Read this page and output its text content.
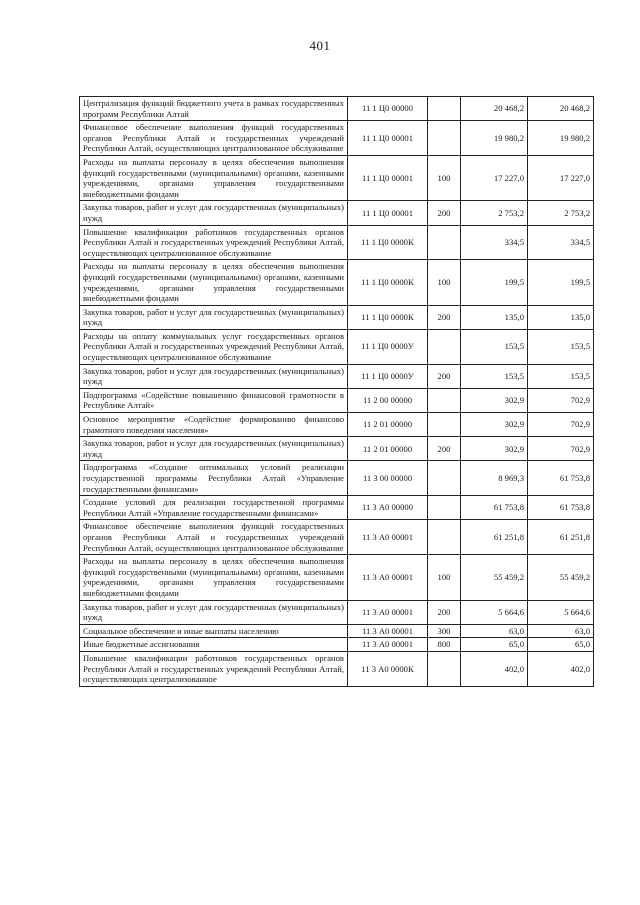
401
Централизация функций бюджетного учета в рамках государственных программ Республики Алтай	11 1 Ц0 00000		20 468,2	20 468,2
Финансовое обеспечение выполнения функций государственных органов Республики Алтай и государственных учреждений Республики Алтай, осуществляющих централизованное обслуживание	11 1 Ц0 00001		19 980,2	19 980,2
Расходы на выплаты персоналу в целях обеспечения выполнения функций государственными (муниципальными) органами, казенными учреждениями, органами управления государственными внебюджетными фондами	11 1 Ц0 00001	100	17 227,0	17 227,0
Закупка товаров, работ и услуг для государственных (муниципальных) нужд	11 1 Ц0 00001	200	2 753,2	2 753,2
Повышение квалификации работников государственных органов Республики Алтай и государственных учреждений Республики Алтай, осуществляющих централизованное обслуживание	11 1 Ц0 0000К		334,5	334,5
Расходы на выплаты персоналу в целях обеспечения выполнения функций государственными (муниципальными) органами, казенными учреждениями, органами управления государственными внебюджетными фондами	11 1 Ц0 0000К	100	199,5	199,5
Закупка товаров, работ и услуг для государственных (муниципальных) нужд	11 1 Ц0 0000К	200	135,0	135,0
Расходы на оплату коммунальных услуг государственных органов Республики Алтай и государственных учреждений Республики Алтай, осуществляющих централизованное обслуживание	11 1 Ц0 0000У		153,5	153,5
Закупка товаров, работ и услуг для государственных (муниципальных) нужд	11 1 Ц0 0000У	200	153,5	153,5
Подпрограмма «Содействие повышению финансовой грамотности в Республике Алтай»	11 2 00 00000		302,9	702,9
Основное мероприятие «Содействие формированию финансово грамотного поведения населения»	11 2 01 00000		302,9	702,9
Закупка товаров, работ и услуг для государственных (муниципальных) нужд	11 2 01 00000	200	302,9	702,9
Подпрограмма «Создание оптимальных условий реализации государственной программы Республики Алтай «Управление государственными финансами»	11 3 00 00000		8 969,3	61 753,8
Создание условий для реализации государственной программы Республики Алтай «Управление государственными финансами»	11 3 А0 00000		61 753,8	61 753,8
Финансовое обеспечение выполнения функций государственных органов Республики Алтай и государственных учреждений Республики Алтай, осуществляющих централизованное обслуживание	11 3 А0 00001		61 251,8	61 251,8
Расходы на выплаты персоналу в целях обеспечения выполнения функций государственными (муниципальными) органами, казенными учреждениями, органами управления государственными внебюджетными фондами	11 3 А0 00001	100	55 459,2	55 459,2
Закупка товаров, работ и услуг для государственных (муниципальных) нужд	11 3 А0 00001	200	5 664,6	5 664,6
Социальное обеспечение и иные выплаты населению	11 3 А0 00001	300	63,0	63,0
Иные бюджетные ассигнования	11 3 А0 00001	800	65,0	65,0
Повышение квалификации работников государственных органов Республики Алтай и государственных учреждений Республики Алтай, осуществляющих централизованное	11 3 А0 0000К		402,0	402,0
